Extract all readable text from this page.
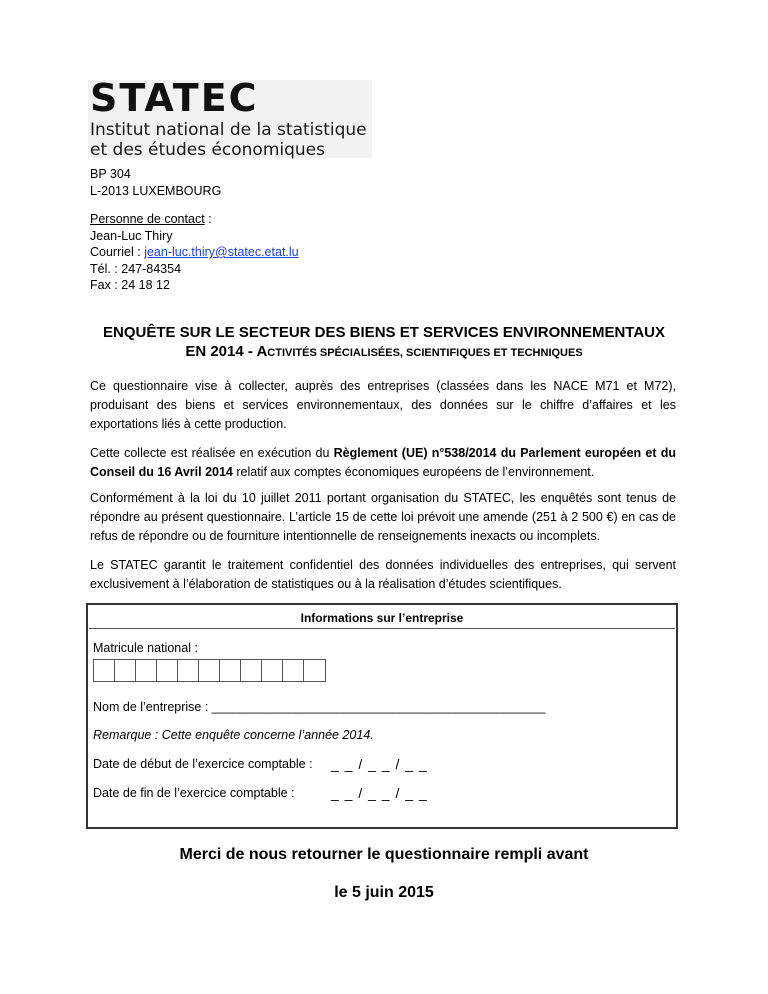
STATEC
Institut national de la statistique
et des études économiques
BP 304
L-2013 LUXEMBOURG
Personne de contact :
Jean-Luc Thiry
Courriel : jean-luc.thiry@statec.etat.lu
Tél. : 247-84354
Fax : 24 18 12
ENQUÊTE SUR LE SECTEUR DES BIENS ET SERVICES ENVIRONNEMENTAUX
EN 2014 - ACTIVITÉS SPÉCIALISÉES, SCIENTIFIQUES ET TECHNIQUES
Ce questionnaire vise à collecter, auprès des entreprises (classées dans les NACE M71 et M72), produisant des biens et services environnementaux, des données sur le chiffre d’affaires et les exportations liés à cette production.
Cette collecte est réalisée en exécution du Règlement (UE) n°538/2014 du Parlement européen et du Conseil du 16 Avril 2014 relatif aux comptes économiques européens de l’environnement.
Conformément à la loi du 10 juillet 2011 portant organisation du STATEC, les enquêtés sont tenus de répondre au présent questionnaire. L’article 15 de cette loi prévoit une amende (251 à 2 500 €) en cas de refus de répondre ou de fourniture intentionnelle de renseignements inexacts ou incomplets.
Le STATEC garantit le traitement confidentiel des données individuelles des entreprises, qui servent exclusivement à l’élaboration de statistiques ou à la réalisation d’études scientifiques.
Informations sur l’entreprise
Matricule national :
Nom de l’entreprise : ________________________________________________
Remarque : Cette enquête concerne l’année 2014.
Date de début de l’exercice comptable : _ _ / _ _ / _ _
Date de fin de l’exercice comptable :	_ _ / _ _ / _ _
Merci de nous retourner le questionnaire rempli avant
le 5 juin 2015
